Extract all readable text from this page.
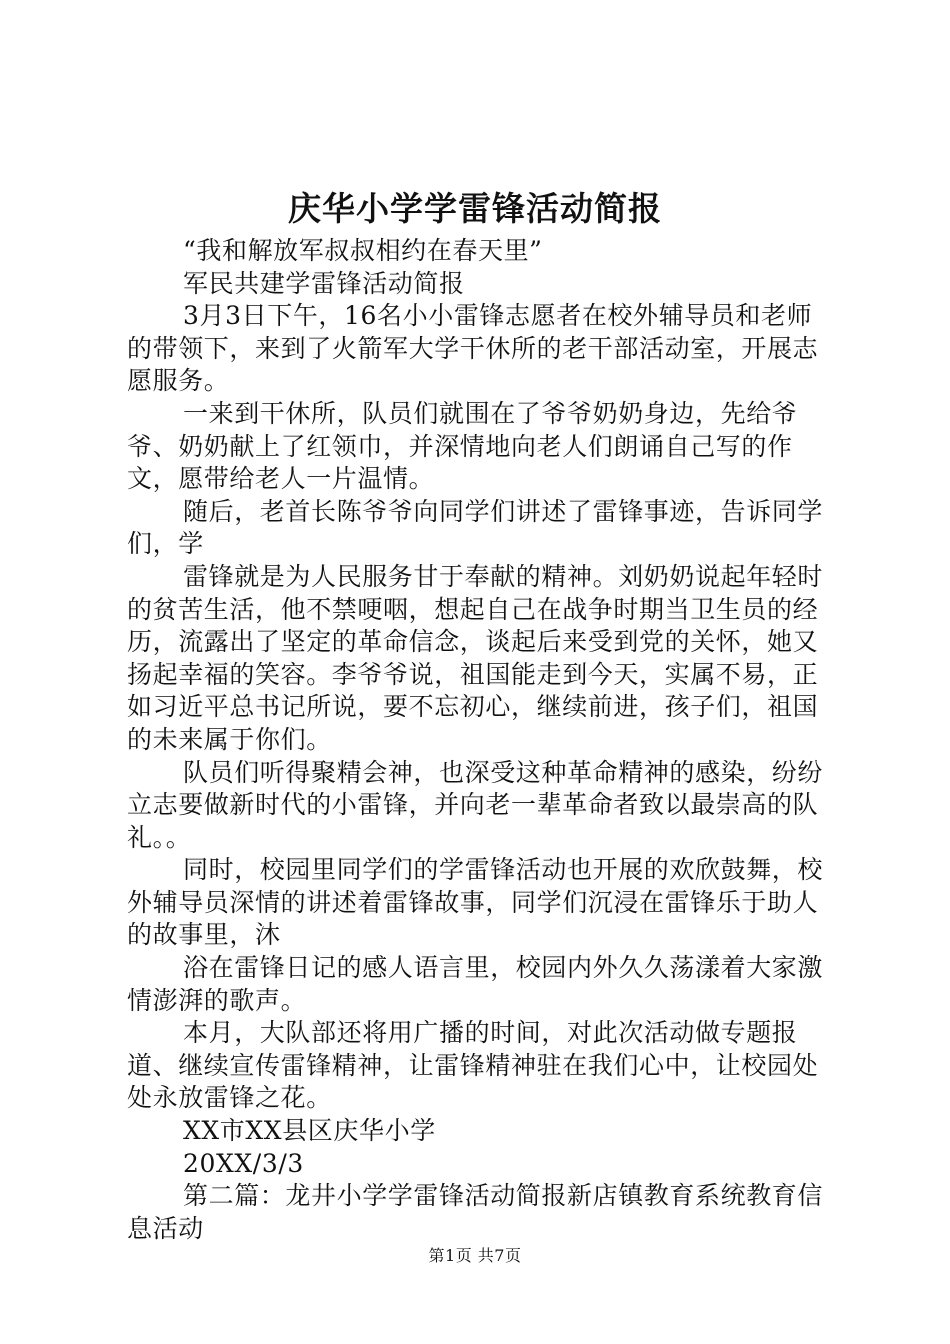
庆华小学学雷锋活动简报

“我和解放军叔叔相约在春天里”

军民共建学雷锋活动简报

3月3日下午，16名小小雷锋志愿者在校外辅导员和老师的带领下，来到了火箭军大学干休所的老干部活动室，开展志愿服务。

一来到干休所，队员们就围在了爷爷奶奶身边，先给爷爷、奶奶献上了红领巾，并深情地向老人们朗诵自己写的作文，愿带给老人一片温情。

随后，老首长陈爷爷向同学们讲述了雷锋事迹，告诉同学们，学

雷锋就是为人民服务甘于奉献的精神。刘奶奶说起年轻时的贫苦生活，他不禁哽咽，想起自己在战争时期当卫生员的经历，流露出了坚定的革命信念，谈起后来受到党的关怀，她又扬起幸福的笑容。李爷爷说，祖国能走到今天，实属不易，正如习近平总书记所说，要不忘初心，继续前进，孩子们，祖国的未来属于你们。

队员们听得聚精会神，也深受这种革命精神的感染，纷纷立志要做新时代的小雷锋，并向老一辈革命者致以最崇高的队礼。。

同时，校园里同学们的学雷锋活动也开展的欢欣鼓舞，校外辅导员深情的讲述着雷锋故事，同学们沉浸在雷锋乐于助人的故事里，沐

浴在雷锋日记的感人语言里，校园内外久久荡漾着大家激情澎湃的歌声。

本月，大队部还将用广播的时间，对此次活动做专题报道、继续宣传雷锋精神，让雷锋精神驻在我们心中，让校园处处永放雷锋之花。

XX市XX县区庆华小学

20XX/3/3

第二篇：龙井小学学雷锋活动简报新店镇教育系统教育信息活动

第1页 共7页
